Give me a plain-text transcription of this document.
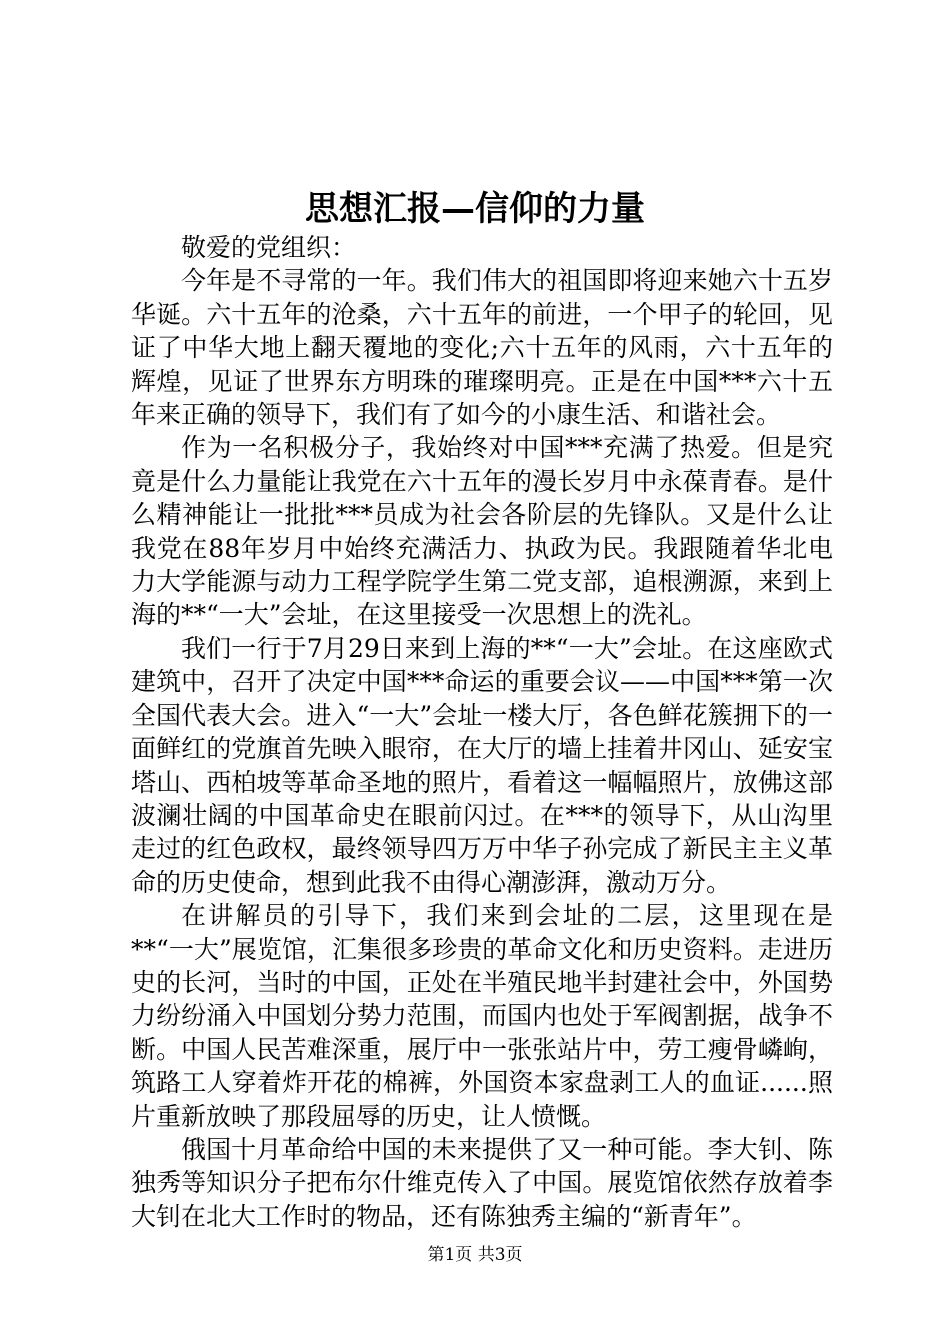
思想汇报—信仰的力量

敬爱的党组织：

今年是不寻常的一年。我们伟大的祖国即将迎来她六十五岁华诞。六十五年的沧桑，六十五年的前进，一个甲子的轮回，见证了中华大地上翻天覆地的变化;六十五年的风雨，六十五年的辉煌，见证了世界东方明珠的璀璨明亮。正是在中国***六十五年来正确的领导下，我们有了如今的小康生活、和谐社会。

作为一名积极分子，我始终对中国***充满了热爱。但是究竟是什么力量能让我党在六十五年的漫长岁月中永葆青春。是什么精神能让一批批***员成为社会各阶层的先锋队。又是什么让我党在88年岁月中始终充满活力、执政为民。我跟随着华北电力大学能源与动力工程学院学生第二党支部，追根溯源，来到上海的**“一大”会址，在这里接受一次思想上的洗礼。

我们一行于7月29日来到上海的**“一大”会址。在这座欧式建筑中，召开了决定中国***命运的重要会议——中国***第一次全国代表大会。进入“一大”会址一楼大厅，各色鲜花簇拥下的一面鲜红的党旗首先映入眼帘，在大厅的墙上挂着井冈山、延安宝塔山、西柏坡等革命圣地的照片，看着这一幅幅照片，放佛这部波澜壮阔的中国革命史在眼前闪过。在***的领导下，从山沟里走过的红色政权，最终领导四万万中华子孙完成了新民主主义革命的历史使命，想到此我不由得心潮澎湃，激动万分。

在讲解员的引导下，我们来到会址的二层，这里现在是**“一大”展览馆，汇集很多珍贵的革命文化和历史资料。走进历史的长河，当时的中国，正处在半殖民地半封建社会中，外国势力纷纷涌入中国划分势力范围，而国内也处于军阀割据，战争不断。中国人民苦难深重，展厅中一张张站片中，劳工瘦骨嶙峋，筑路工人穿着炸开花的棉裤，外国资本家盘剥工人的血证......照片重新放映了那段屈辱的历史，让人愤慨。

俄国十月革命给中国的未来提供了又一种可能。李大钊、陈独秀等知识分子把布尔什维克传入了中国。展览馆依然存放着李大钊在北大工作时的物品，还有陈独秀主编的“新青年”。

第1页 共3页
